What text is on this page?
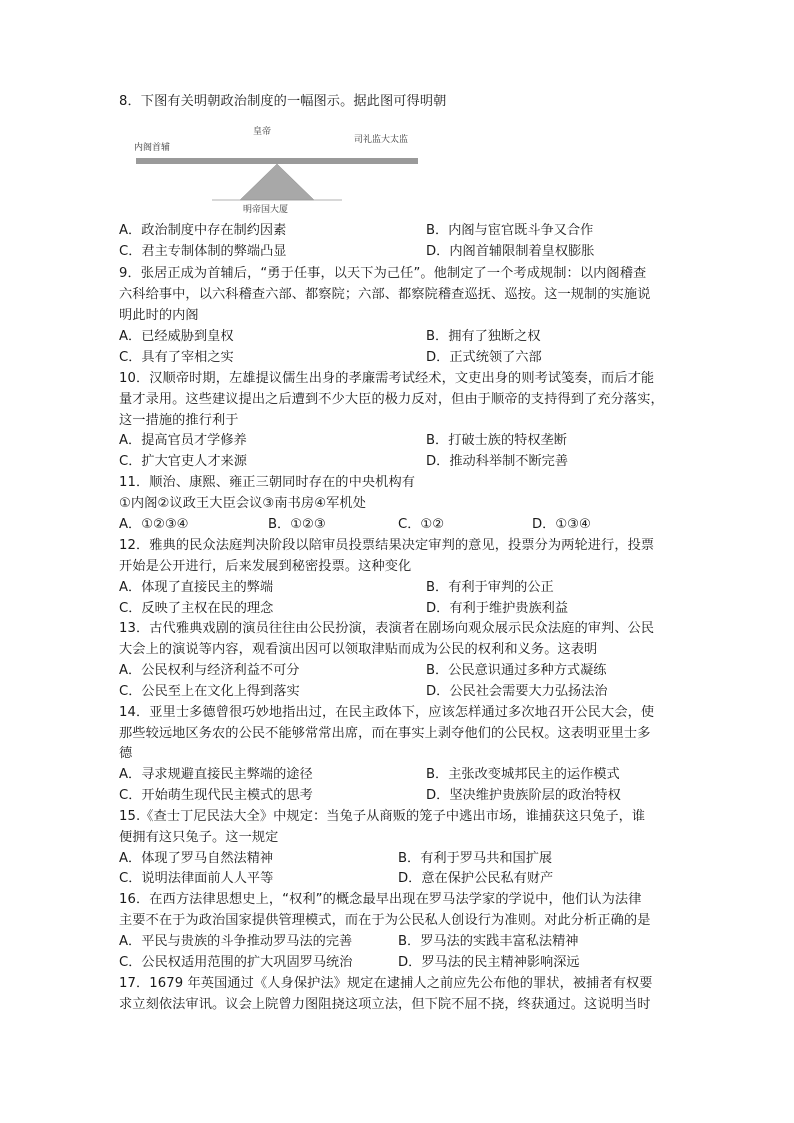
8．下图有关明朝政治制度的一幅图示。据此图可得明朝
皇帝
内阁首辅
司礼监大太监
明帝国大厦
A．政治制度中存在制约因素	B．内阁与宦官既斗争又合作
C．君主专制体制的弊端凸显	D．内阁首辅限制着皇权膨胀
9．张居正成为首辅后，“勇于任事，以天下为己任”。他制定了一个考成规制：以内阁稽查
六科给事中，以六科稽查六部、都察院；六部、都察院稽查巡抚、巡按。这一规制的实施说
明此时的内阁
A．已经威胁到皇权	B．拥有了独断之权
C．具有了宰相之实	D．正式统领了六部
10．汉顺帝时期，左雄提议儒生出身的孝廉需考试经术，文吏出身的则考试笺奏，而后才能
量才录用。这些建议提出之后遭到不少大臣的极力反对，但由于顺帝的支持得到了充分落实，
这一措施的推行利于
A．提高官员才学修养	B．打破士族的特权垄断
C．扩大官吏人才来源	D．推动科举制不断完善
11．顺治、康熙、雍正三朝同时存在的中央机构有
①内阁②议政王大臣会议③南书房④军机处
A．①②③④	B．①②③	C．①②	D．①③④
12．雅典的民众法庭判决阶段以陪审员投票结果决定审判的意见，投票分为两轮进行，投票
开始是公开进行，后来发展到秘密投票。这种变化
A．体现了直接民主的弊端	B．有利于审判的公正
C．反映了主权在民的理念	D．有利于维护贵族利益
13．古代雅典戏剧的演员往往由公民扮演，表演者在剧场向观众展示民众法庭的审判、公民
大会上的演说等内容，观看演出因可以领取津贴而成为公民的权利和义务。这表明
A．公民权利与经济利益不可分	B．公民意识通过多种方式凝练
C．公民至上在文化上得到落实	D．公民社会需要大力弘扬法治
14．亚里士多德曾很巧妙地指出过，在民主政体下，应该怎样通过多次地召开公民大会，使
那些较远地区务农的公民不能够常常出席，而在事实上剥夺他们的公民权。这表明亚里士多
德
A．寻求规避直接民主弊端的途径	B．主张改变城邦民主的运作模式
C．开始萌生现代民主模式的思考	D．坚决维护贵族阶层的政治特权
15.《查士丁尼民法大全》中规定：当兔子从商贩的笼子中逃出市场，谁捕获这只兔子，谁
便拥有这只兔子。这一规定
A．体现了罗马自然法精神	B．有利于罗马共和国扩展
C．说明法律面前人人平等	D．意在保护公民私有财产
16．在西方法律思想史上，“权利”的概念最早出现在罗马法学家的学说中，他们认为法律
主要不在于为政治国家提供管理模式，而在于为公民私人创设行为准则。对此分析正确的是
A．平民与贵族的斗争推动罗马法的完善	B．罗马法的实践丰富私法精神
C．公民权适用范围的扩大巩固罗马统治	D．罗马法的民主精神影响深远
17．1679 年英国通过《人身保护法》规定在逮捕人之前应先公布他的罪状，被捕者有权要
求立刻依法审讯。议会上院曾力图阻挠这项立法，但下院不屈不挠，终获通过。这说明当时
